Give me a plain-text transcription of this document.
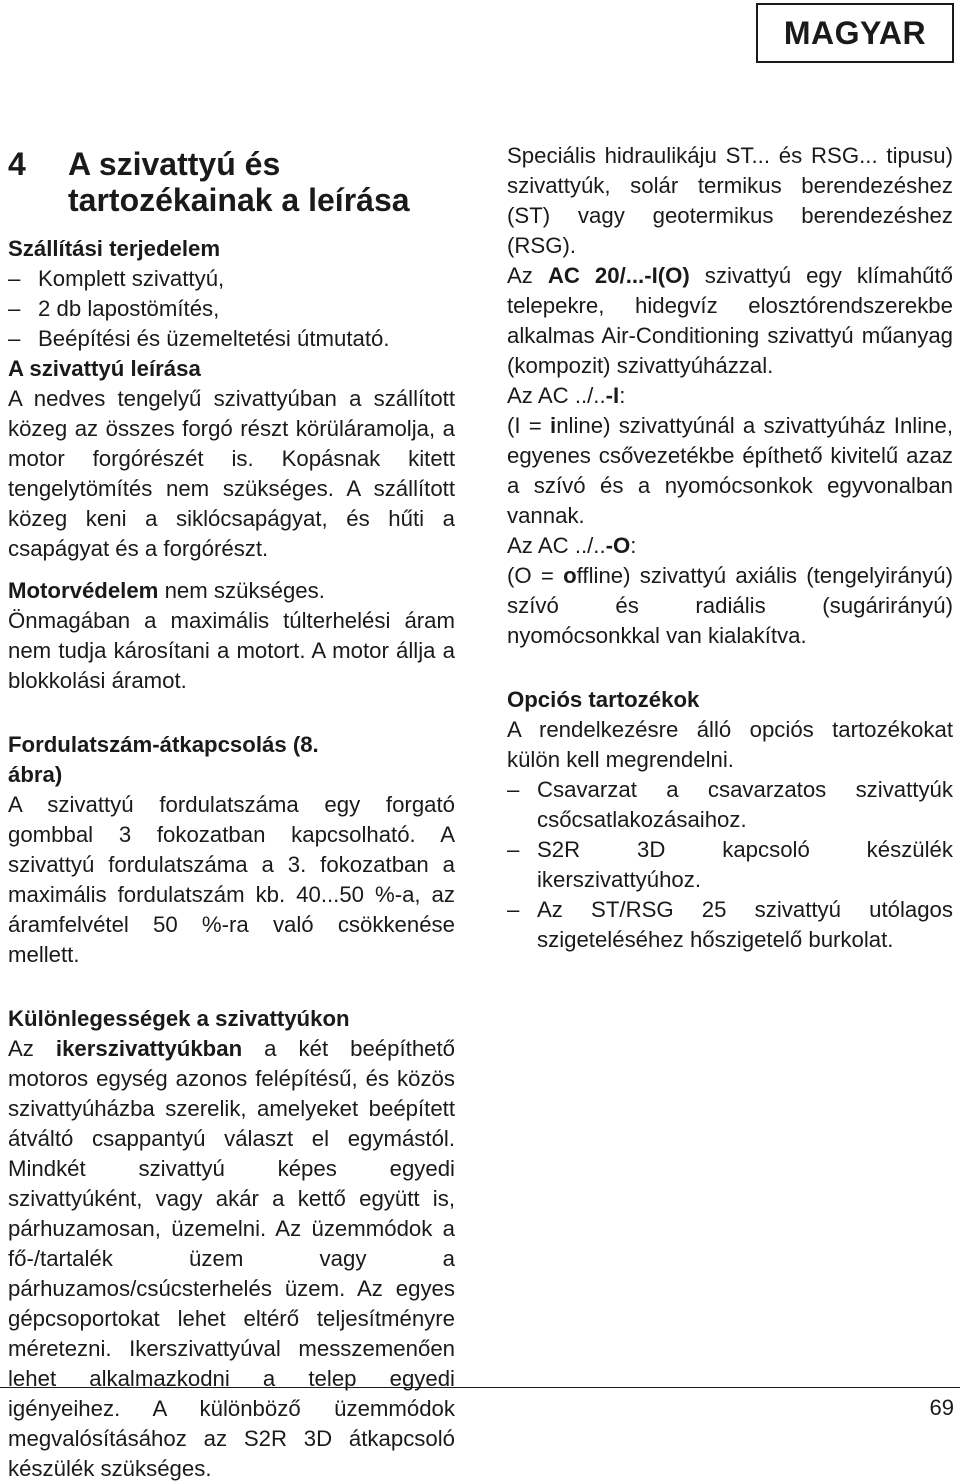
MAGYAR
4	A szivattyú és tartozékainak a leírása

Szállítási terjedelem

– Komplett szivattyú,
– 2 db lapostömítés,
– Beépítési és üzemeltetési útmutató.

A szivattyú leírása

A nedves tengelyű szivattyúban a szállított közeg az összes forgó részt körüláramolja, a motor forgórészét is. Kopásnak kitett tengelytömítés nem szükséges. A szállított közeg keni a siklócsapágyat, és hűti a csapágyat és a forgórészt.

Motorvédelem nem szükséges.

Önmagában a maximális túlterhelési áram nem tudja károsítani a motort. A motor állja a blokkolási áramot.

Fordulatszám-átkapcsolás (8. ábra)

A szivattyú fordulatszáma egy forgató gombbal 3 fokozatban kapcsolható. A szivattyú fordulatszáma a 3. fokozatban a maximális fordulatszám kb. 40...50 %-a, az áramfelvétel 50 %-ra való csökkenése mellett.

Különlegességek a szivattyúkon

Az ikerszivattyúkban a két beépíthető motoros egység azonos felépítésű, és közös szivattyúházba szerelik, amelyeket beépített átváltó csappantyú választ el egymástól. Mindkét szivattyú képes egyedi szivattyúként, vagy akár a kettő együtt is, párhuzamosan, üzemelni. Az üzemmódok a fő-/tartalék üzem vagy a párhuzamos/csúcsterhelés üzem. Az egyes gépcsoportokat lehet eltérő teljesítményre méretezni. Ikerszivattyúval messzemenően lehet alkalmazkodni a telep egyedi igényeihez. A különböző üzemmódok megvalósításához az S2R 3D átkapcsoló készülék szükséges.

Speciális hidraulikáju ST... és RSG... tipusu) szivattyúk, solár termikus berendezéshez (ST) vagy geotermikus berendezéshez (RSG).

Az AC 20/...-I(O) szivattyú egy klímahűtő telepekre, hidegvíz elosztórendszerekbe alkalmas Air-Conditioning szivattyú műanyag (kompozit) szivattyúházzal.

Az AC ../..-I:

(I = inline) szivattyúnál a szivattyúház Inline, egyenes csővezetékbe építhető kivitelű azaz a szívó és a nyomócsonkok egyvonalban vannak.

Az AC ../..-O:

(O = offline) szivattyú axiális (tengelyirányú) szívó és radiális (sugárirányú) nyomócsonkkal van kialakítva.

Opciós tartozékok

A rendelkezésre álló opciós tartozékokat külön kell megrendelni.

– Csavarzat a csavarzatos szivattyúk csőcsatlakozásaihoz.
– S2R 3D kapcsoló készülék ikerszivattyúhoz.
– Az ST/RSG 25 szivattyú utólagos szigeteléséhez hőszigetelő burkolat.
69
